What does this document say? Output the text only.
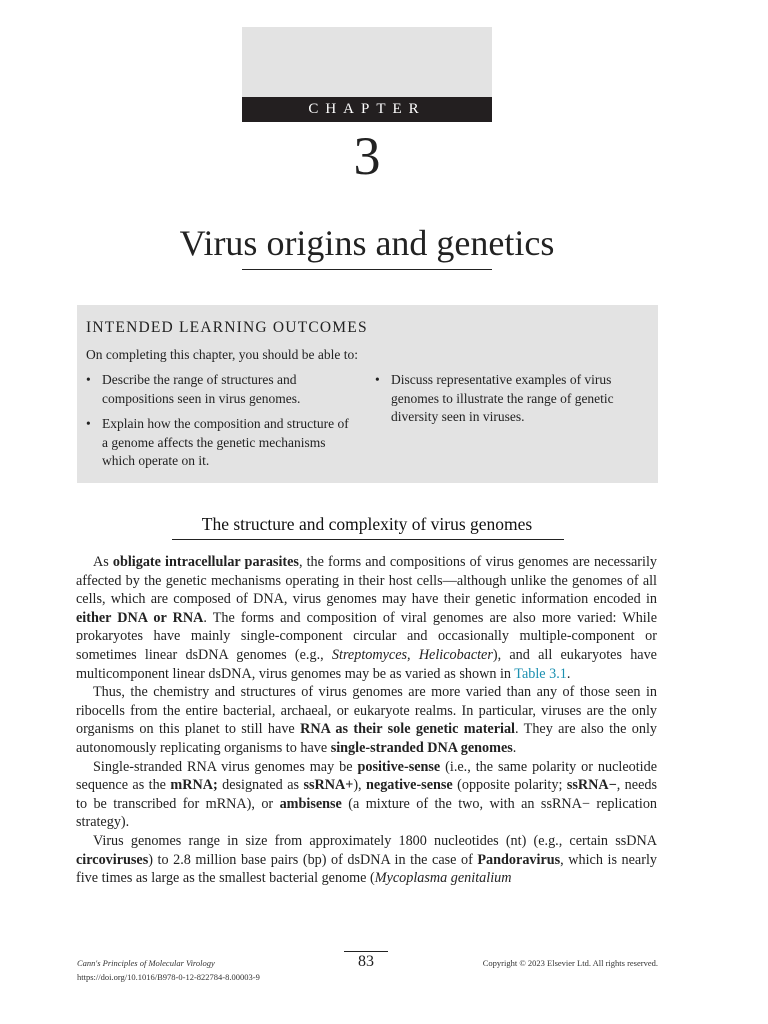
CHAPTER
3
Virus origins and genetics
INTENDED LEARNING OUTCOMES
On completing this chapter, you should be able to:
• Describe the range of structures and compositions seen in virus genomes.
• Explain how the composition and structure of a genome affects the genetic mechanisms which operate on it.
• Discuss representative examples of virus genomes to illustrate the range of genetic diversity seen in viruses.
The structure and complexity of virus genomes

As obligate intracellular parasites, the forms and compositions of virus genomes are necessarily affected by the genetic mechanisms operating in their host cells—although unlike the genomes of all cells, which are composed of DNA, virus genomes may have their genetic information encoded in either DNA or RNA. The forms and composition of viral genomes are also more varied: While prokaryotes have mainly single-component circular and occasionally multiple-component or sometimes linear dsDNA genomes (e.g., Streptomyces, Helicobacter), and all eukaryotes have multicomponent linear dsDNA, virus genomes may be as varied as shown in Table 3.1.

Thus, the chemistry and structures of virus genomes are more varied than any of those seen in ribocells from the entire bacterial, archaeal, or eukaryote realms. In particular, viruses are the only organisms on this planet to still have RNA as their sole genetic material. They are also the only autonomously replicating organisms to have single-stranded DNA genomes.

Single-stranded RNA virus genomes may be positive-sense (i.e., the same polarity or nucleotide sequence as the mRNA; designated as ssRNA+), negative-sense (opposite polarity; ssRNA−, needs to be transcribed for mRNA), or ambisense (a mixture of the two, with an ssRNA− replication strategy).

Virus genomes range in size from approximately 1800 nucleotides (nt) (e.g., certain ssDNA circoviruses) to 2.8 million base pairs (bp) of dsDNA in the case of Pandoravirus, which is nearly five times as large as the smallest bacterial genome (Mycoplasma genitalium

83
Cann's Principles of Molecular Virology
https://doi.org/10.1016/B978-0-12-822784-8.00003-9
Copyright © 2023 Elsevier Ltd. All rights reserved.
